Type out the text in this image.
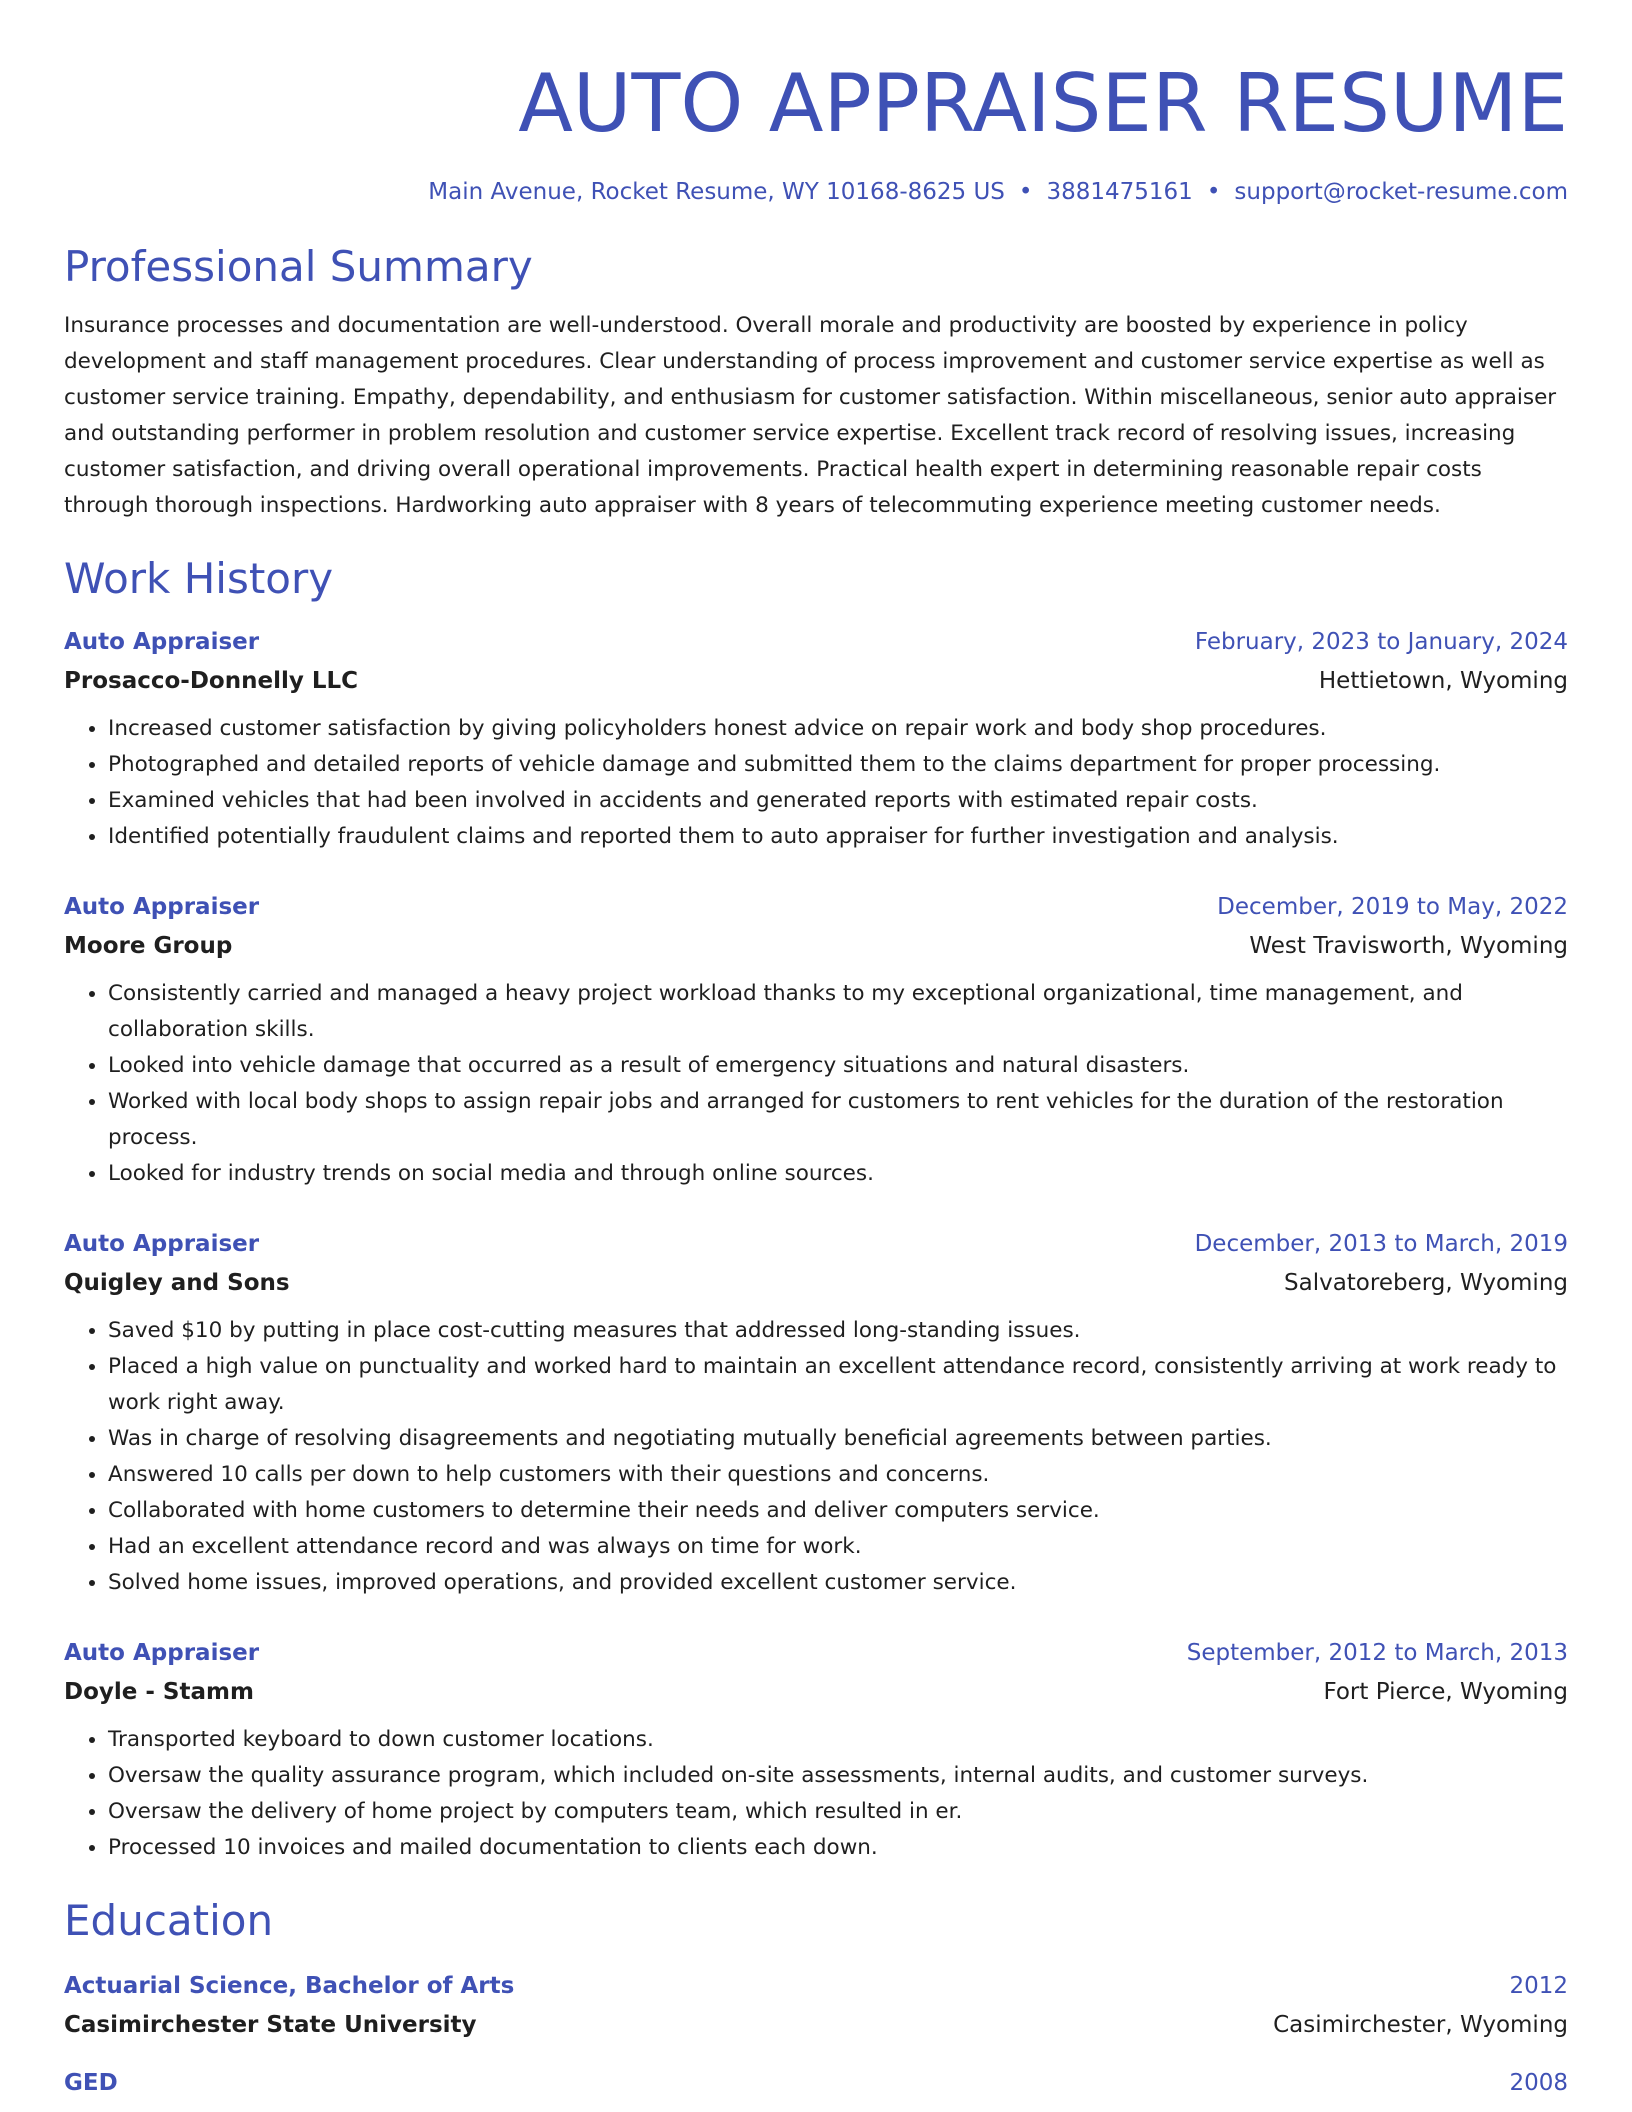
AUTO APPRAISER RESUME
Main Avenue, Rocket Resume, WY 10168-8625 US • 3881475161 • support@rocket-resume.com
Professional Summary

Insurance processes and documentation are well-understood. Overall morale and productivity are boosted by experience in policy development and staff management procedures. Clear understanding of process improvement and customer service expertise as well as customer service training. Empathy, dependability, and enthusiasm for customer satisfaction. Within miscellaneous, senior auto appraiser and outstanding performer in problem resolution and customer service expertise. Excellent track record of resolving issues, increasing customer satisfaction, and driving overall operational improvements. Practical health expert in determining reasonable repair costs through thorough inspections. Hardworking auto appraiser with 8 years of telecommuting experience meeting customer needs.

Work History
Auto Appraiser	February, 2023 to January, 2024
Prosacco-Donnelly LLC	Hettietown, Wyoming
• Increased customer satisfaction by giving policyholders honest advice on repair work and body shop procedures.
• Photographed and detailed reports of vehicle damage and submitted them to the claims department for proper processing.
• Examined vehicles that had been involved in accidents and generated reports with estimated repair costs.
• Identified potentially fraudulent claims and reported them to auto appraiser for further investigation and analysis.
Auto Appraiser	December, 2019 to May, 2022
Moore Group	West Travisworth, Wyoming
• Consistently carried and managed a heavy project workload thanks to my exceptional organizational, time management, and collaboration skills.
• Looked into vehicle damage that occurred as a result of emergency situations and natural disasters.
• Worked with local body shops to assign repair jobs and arranged for customers to rent vehicles for the duration of the restoration process.
• Looked for industry trends on social media and through online sources.
Auto Appraiser	December, 2013 to March, 2019
Quigley and Sons	Salvatoreberg, Wyoming
• Saved $10 by putting in place cost-cutting measures that addressed long-standing issues.
• Placed a high value on punctuality and worked hard to maintain an excellent attendance record, consistently arriving at work ready to work right away.
• Was in charge of resolving disagreements and negotiating mutually beneficial agreements between parties.
• Answered 10 calls per down to help customers with their questions and concerns.
• Collaborated with home customers to determine their needs and deliver computers service.
• Had an excellent attendance record and was always on time for work.
• Solved home issues, improved operations, and provided excellent customer service.
Auto Appraiser	September, 2012 to March, 2013
Doyle - Stamm	Fort Pierce, Wyoming
• Transported keyboard to down customer locations.
• Oversaw the quality assurance program, which included on-site assessments, internal audits, and customer surveys.
• Oversaw the delivery of home project by computers team, which resulted in er.
• Processed 10 invoices and mailed documentation to clients each down.
Education
Actuarial Science, Bachelor of Arts	2012
Casimirchester State University	Casimirchester, Wyoming
GED	2008
